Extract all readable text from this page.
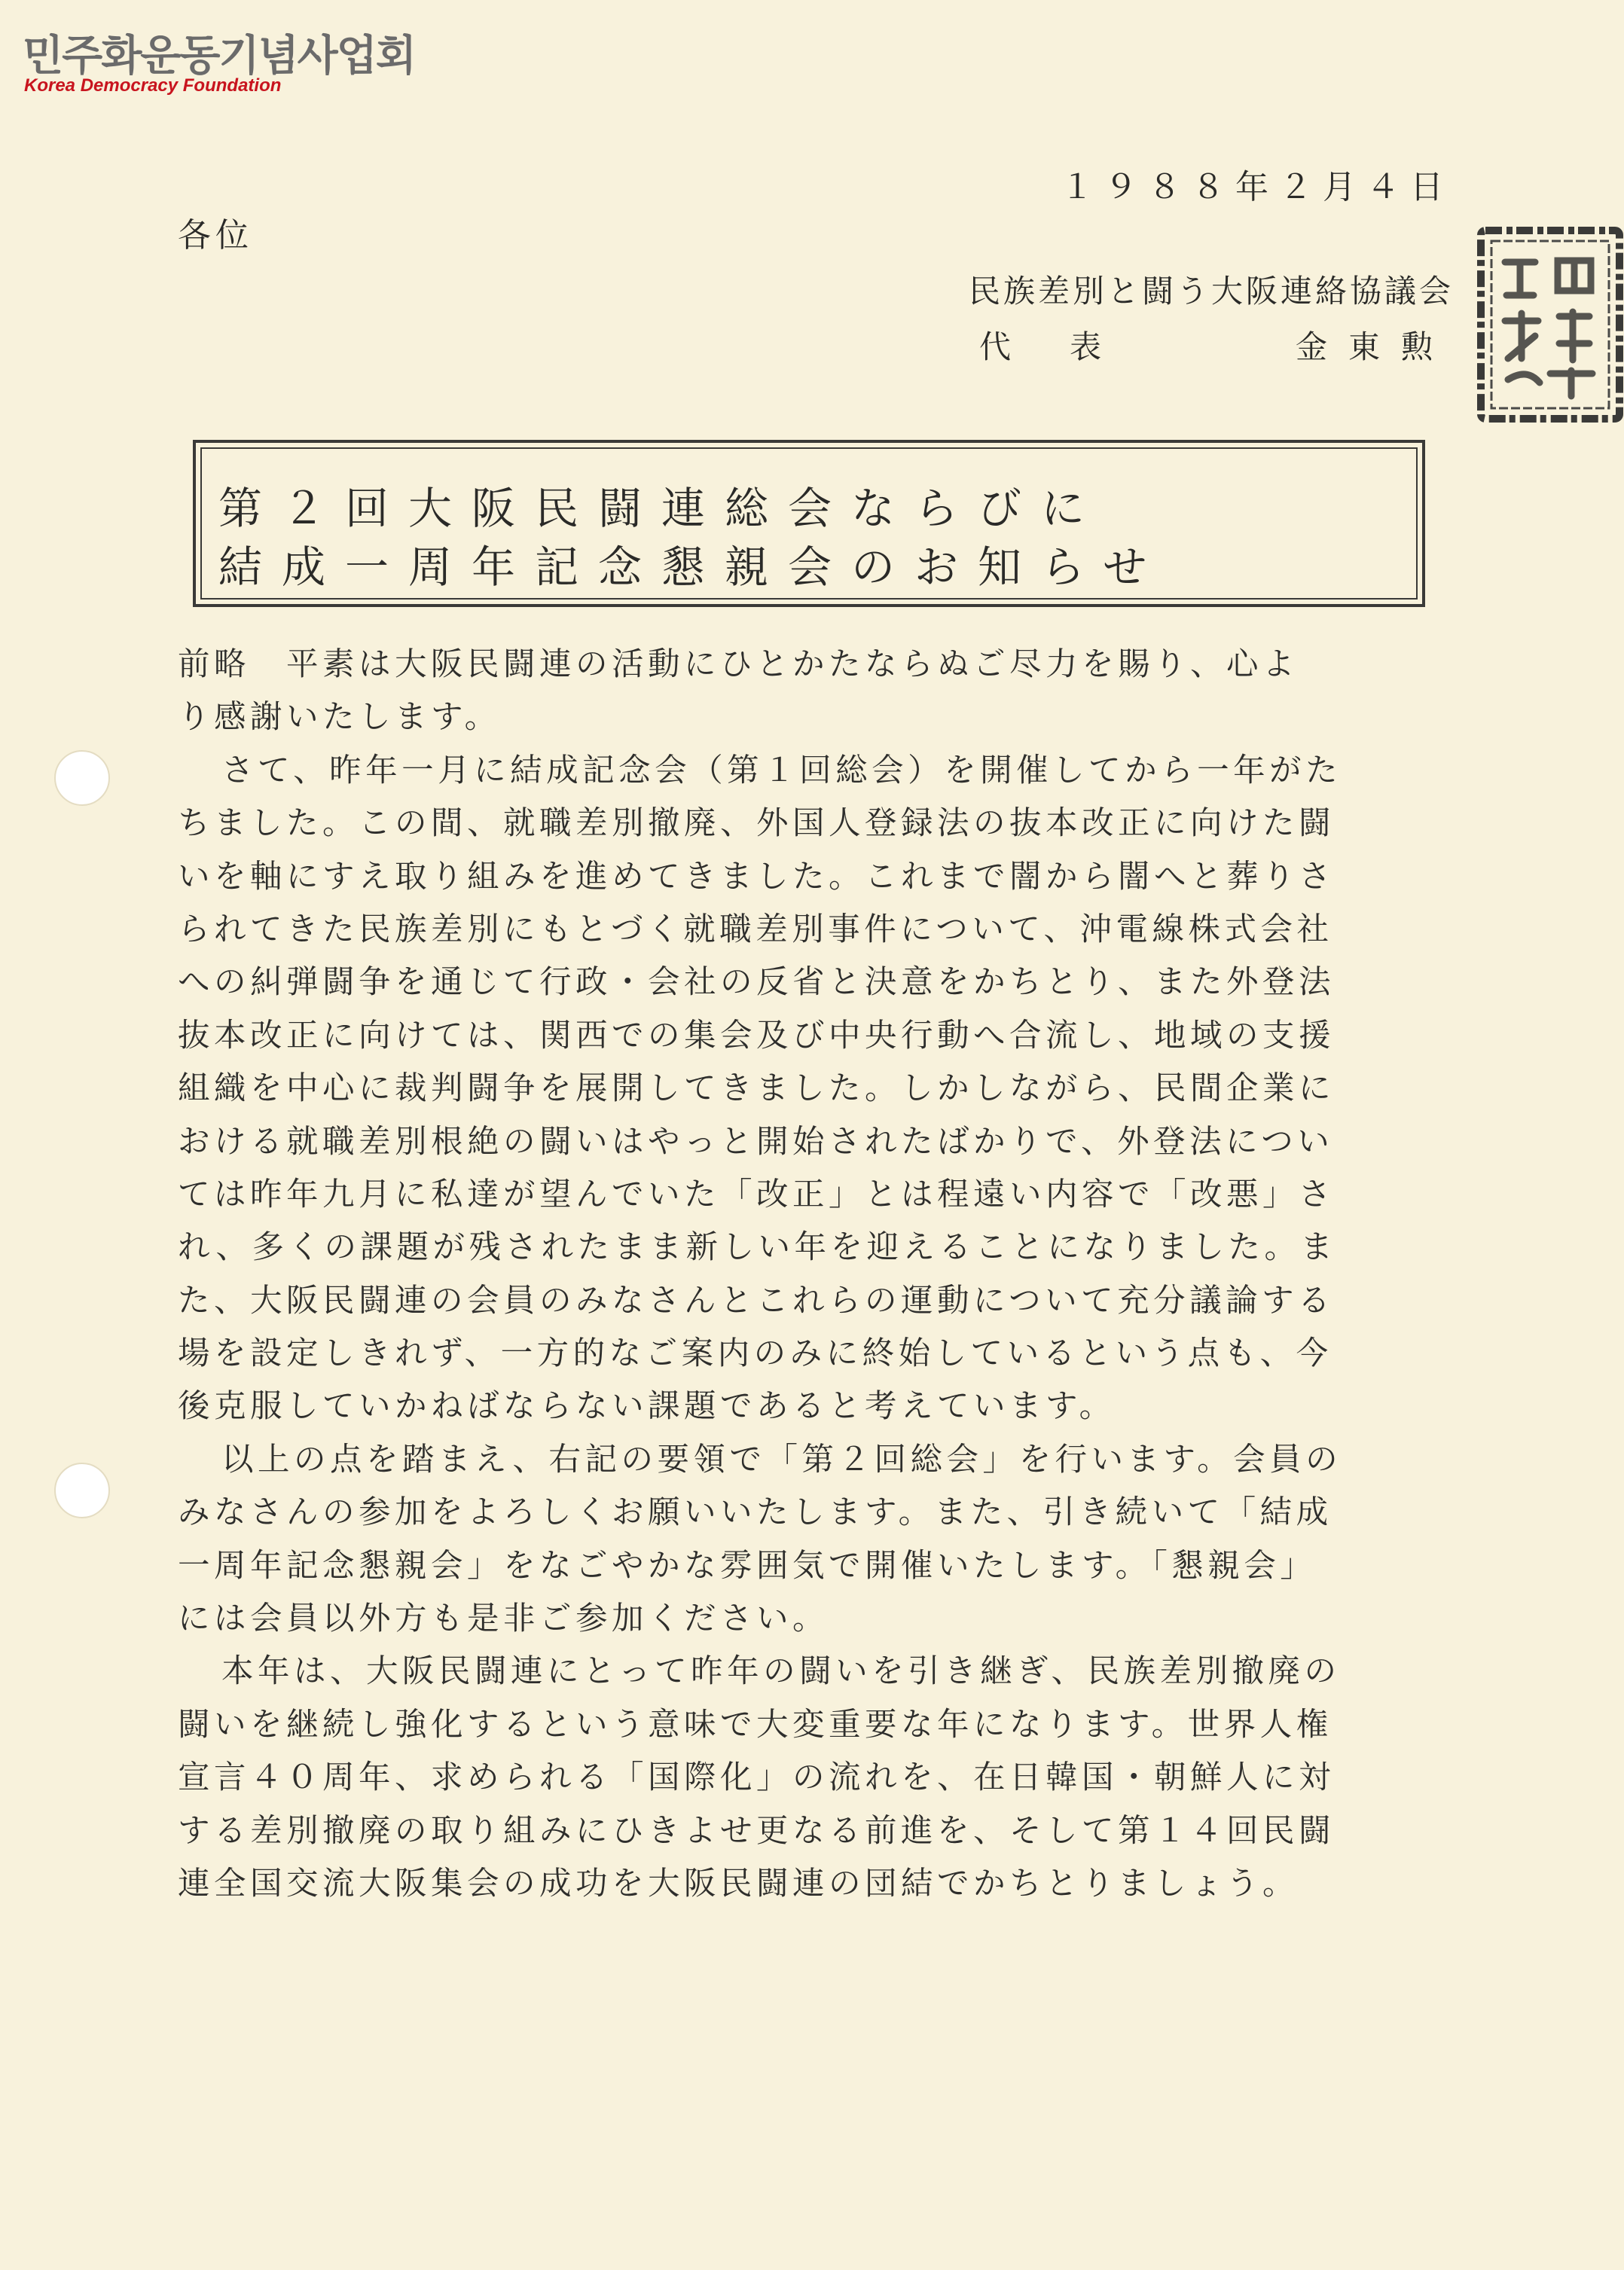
민주화운동기념사업회
Korea Democracy Foundation
１９８８年２月４日
各位
民族差別と闘う大阪連絡協議会
代　表	金東勲
第２回大阪民闘連総会ならびに
結成一周年記念懇親会のお知らせ
前略　平素は大阪民闘連の活動にひとかたならぬご尽力を賜り、心よ
り感謝いたします。
さて、昨年一月に結成記念会（第１回総会）を開催してから一年がた
ちました。この間、就職差別撤廃、外国人登録法の抜本改正に向けた闘
いを軸にすえ取り組みを進めてきました。これまで闇から闇へと葬りさ
られてきた民族差別にもとづく就職差別事件について、沖電線株式会社
への糾弾闘争を通じて行政・会社の反省と決意をかちとり、また外登法
抜本改正に向けては、関西での集会及び中央行動へ合流し、地域の支援
組織を中心に裁判闘争を展開してきました。しかしながら、民間企業に
おける就職差別根絶の闘いはやっと開始されたばかりで、外登法につい
ては昨年九月に私達が望んでいた「改正」とは程遠い内容で「改悪」さ
れ、多くの課題が残されたまま新しい年を迎えることになりました。ま
た、大阪民闘連の会員のみなさんとこれらの運動について充分議論する
場を設定しきれず、一方的なご案内のみに終始しているという点も、今
後克服していかねばならない課題であると考えています。
以上の点を踏まえ、右記の要領で「第２回総会」を行います。会員の
みなさんの参加をよろしくお願いいたします。また、引き続いて「結成
一周年記念懇親会」をなごやかな雰囲気で開催いたします。「懇親会」
には会員以外方も是非ご参加ください。
本年は、大阪民闘連にとって昨年の闘いを引き継ぎ、民族差別撤廃の
闘いを継続し強化するという意味で大変重要な年になります。世界人権
宣言４０周年、求められる「国際化」の流れを、在日韓国・朝鮮人に対
する差別撤廃の取り組みにひきよせ更なる前進を、そして第１４回民闘
連全国交流大阪集会の成功を大阪民闘連の団結でかちとりましょう。
